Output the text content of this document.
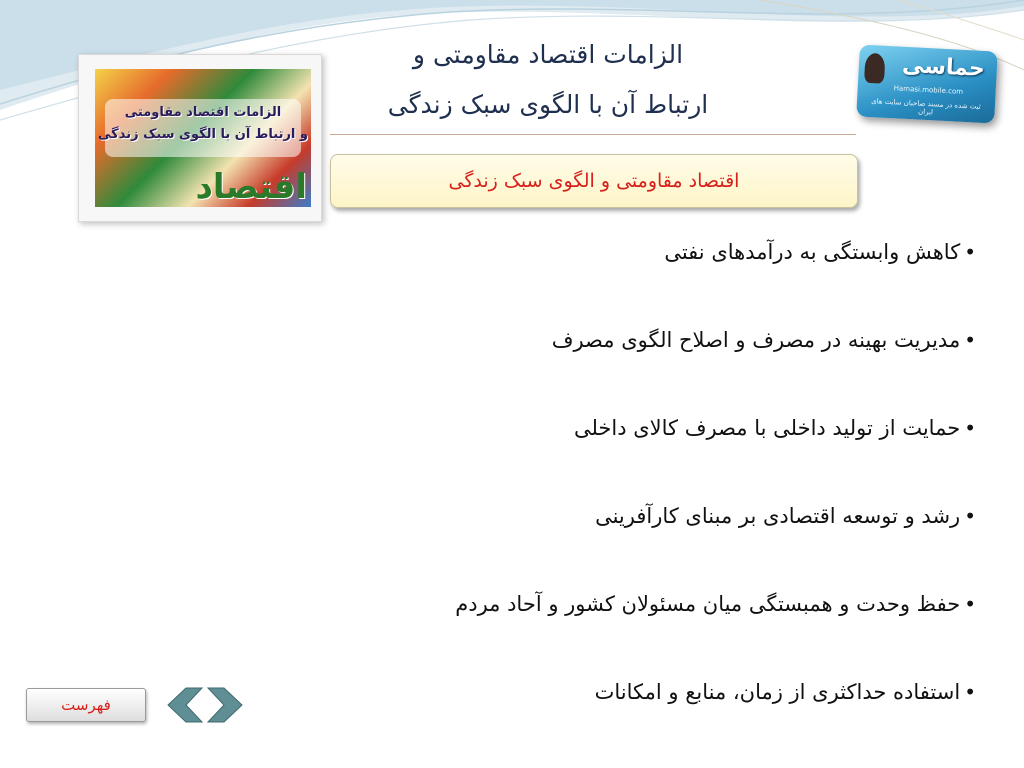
الزامات اقتصاد مقاومتی و
ارتباط آن با الگوی سبک زندگی
الزامات اقتصاد مقاومتی
و ارتباط آن با الگوی سبک زندگی
اقتصاد
حماسی
Hamasi.mobile.com
ثبت شده در مسند صاحبان سایت های ایران
اقتصاد مقاومتی و الگوی سبک زندگی
•کاهش وابستگی به درآمدهای نفتی
•مدیریت بهینه در مصرف و اصلاح الگوی مصرف
•حمایت از تولید داخلی با مصرف کالای داخلی
•رشد و توسعه اقتصادی بر مبنای کارآفرینی
•حفظ وحدت و همبستگی میان مسئولان کشور و آحاد مردم
•استفاده حداکثری از زمان، منابع و امکانات
فهرست
